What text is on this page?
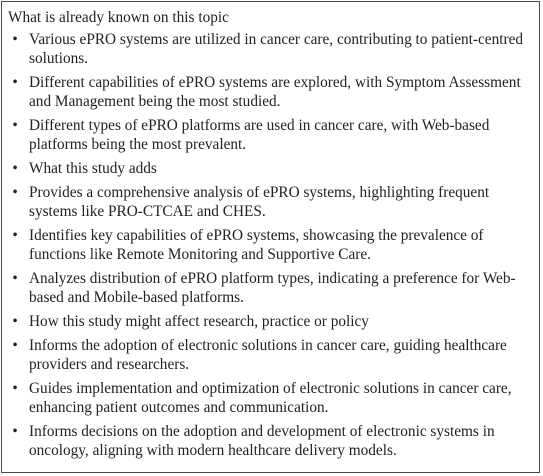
What is already known on this topic
• Various ePRO systems are utilized in cancer care, contributing to patient-centred solutions.
• Different capabilities of ePRO systems are explored, with Symptom Assessment and Management being the most studied.
• Different types of ePRO platforms are used in cancer care, with Web-based platforms being the most prevalent.
• What this study adds
• Provides a comprehensive analysis of ePRO systems, highlighting frequent systems like PRO-CTCAE and CHES.
• Identifies key capabilities of ePRO systems, showcasing the prevalence of functions like Remote Monitoring and Supportive Care.
• Analyzes distribution of ePRO platform types, indicating a preference for Web-based and Mobile-based platforms.
• How this study might affect research, practice or policy
• Informs the adoption of electronic solutions in cancer care, guiding healthcare providers and researchers.
• Guides implementation and optimization of electronic solutions in cancer care, enhancing patient outcomes and communication.
• Informs decisions on the adoption and development of electronic systems in oncology, aligning with modern healthcare delivery models.
